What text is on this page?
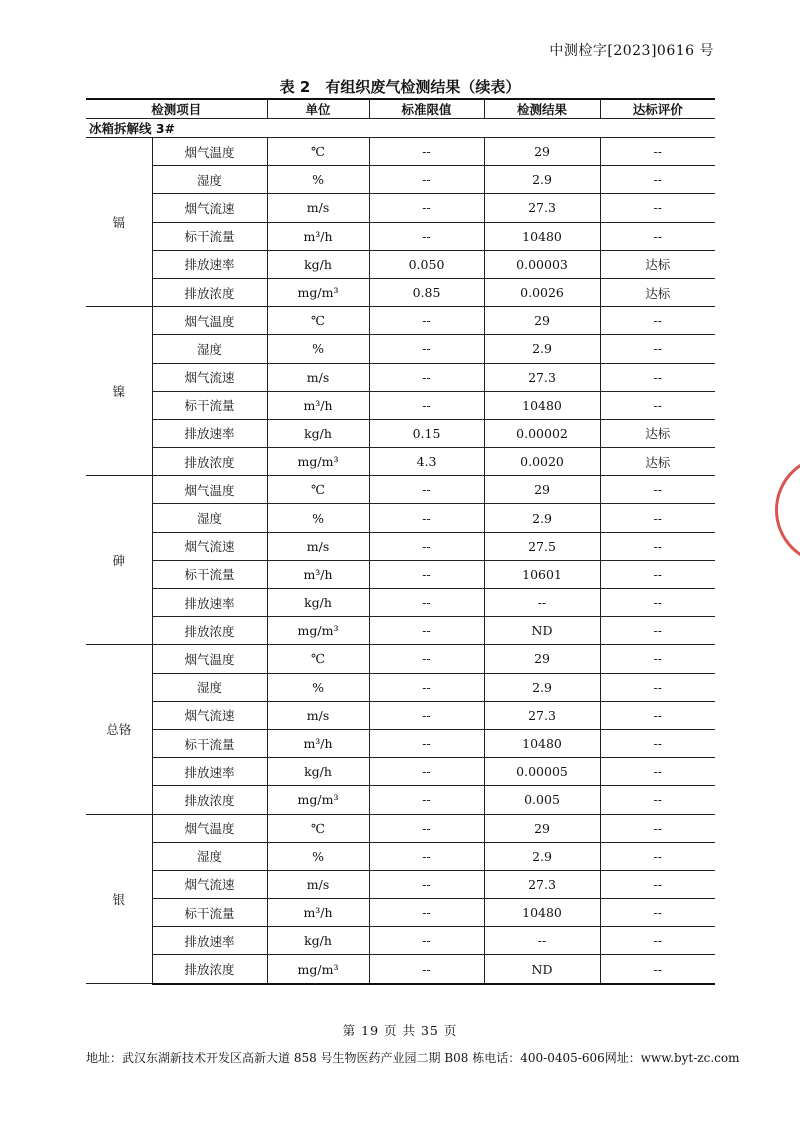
中测检字[2023]0616 号
表 2　有组织废气检测结果（续表）
检测项目		单位	标准限值	检测结果	达标评价
冰箱拆解线 3#					
镉	烟气温度	℃	--	29	--
	湿度	%	--	2.9	--
	烟气流速	m/s	--	27.3	--
	标干流量	m³/h	--	10480	--
	排放速率	kg/h	0.050	0.00003	达标
	排放浓度	mg/m³	0.85	0.0026	达标
镍	烟气温度	℃	--	29	--
	湿度	%	--	2.9	--
	烟气流速	m/s	--	27.3	--
	标干流量	m³/h	--	10480	--
	排放速率	kg/h	0.15	0.00002	达标
	排放浓度	mg/m³	4.3	0.0020	达标
砷	烟气温度	℃	--	29	--
	湿度	%	--	2.9	--
	烟气流速	m/s	--	27.5	--
	标干流量	m³/h	--	10601	--
	排放速率	kg/h	--	--	--
	排放浓度	mg/m³	--	ND	--
总铬	烟气温度	℃	--	29	--
	湿度	%	--	2.9	--
	烟气流速	m/s	--	27.3	--
	标干流量	m³/h	--	10480	--
	排放速率	kg/h	--	0.00005	--
	排放浓度	mg/m³	--	0.005	--
银	烟气温度	℃	--	29	--
	湿度	%	--	2.9	--
	烟气流速	m/s	--	27.3	--
	标干流量	m³/h	--	10480	--
	排放速率	kg/h	--	--	--
	排放浓度	mg/m³	--	ND	--
第 19 页 共 35 页
地址：武汉东湖新技术开发区高新大道 858 号生物医药产业园二期 B08 栋 电话：400-0405-606 网址：www.byt-zc.com
